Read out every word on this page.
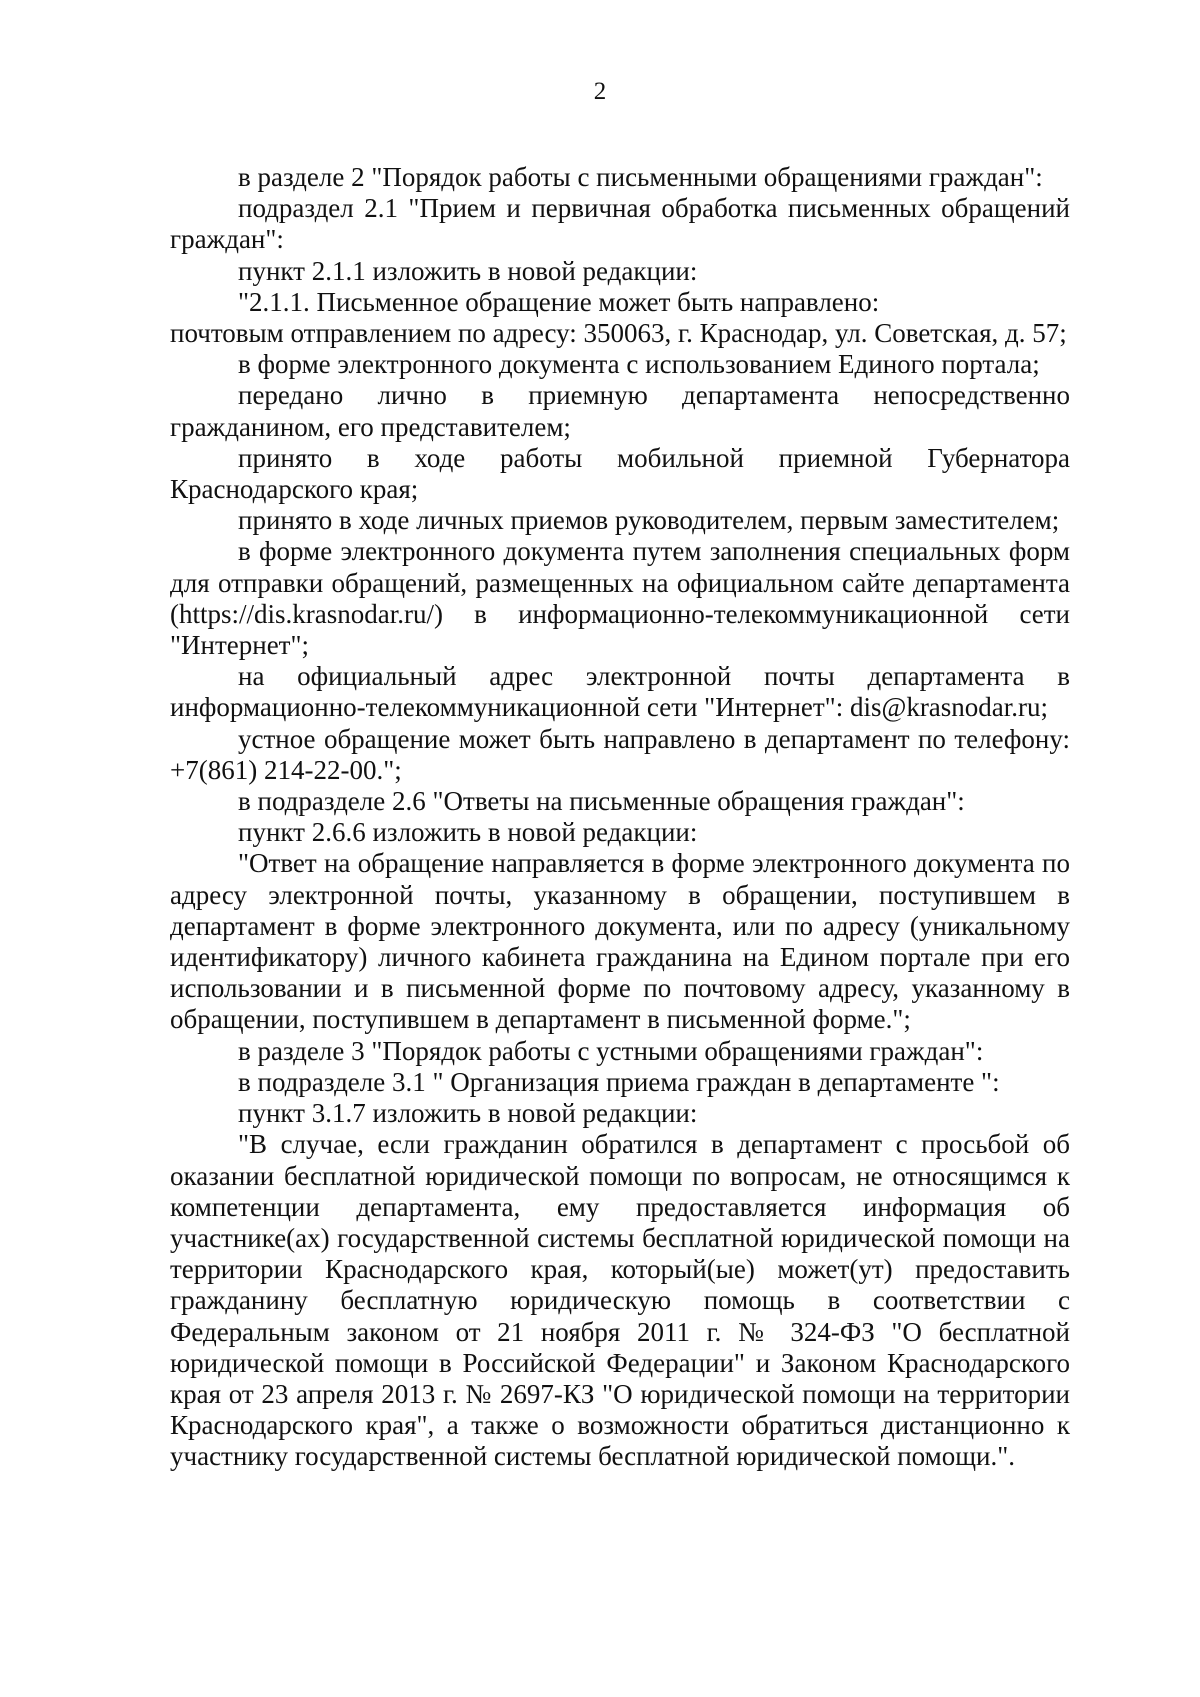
2

в разделе 2 "Порядок работы с письменными обращениями граждан":

подраздел 2.1 "Прием и первичная обработка письменных обращений граждан":

пункт 2.1.1 изложить в новой редакции:

"2.1.1. Письменное обращение может быть направлено:

почтовым отправлением по адресу: 350063, г. Краснодар, ул. Советская, д. 57;

в форме электронного документа с использованием Единого портала;

передано лично в приемную департамента непосредственно гражданином, его представителем;

принято в ходе работы мобильной приемной Губернатора Краснодарского края;

принято в ходе личных приемов руководителем, первым заместителем;

в форме электронного документа путем заполнения специальных форм для отправки обращений, размещенных на официальном сайте департамента (https://dis.krasnodar.ru/) в информационно-телекоммуникационной сети "Интернет";

на официальный адрес электронной почты департамента в информационно-телекоммуникационной сети "Интернет": dis@krasnodar.ru;

устное обращение может быть направлено в департамент по телефону: +7(861) 214-22-00.";

в подразделе 2.6 "Ответы на письменные обращения граждан":

пункт 2.6.6 изложить в новой редакции:

"Ответ на обращение направляется в форме электронного документа по адресу электронной почты, указанному в обращении, поступившем в департамент в форме электронного документа, или по адресу (уникальному идентификатору) личного кабинета гражданина на Едином портале при его использовании и в письменной форме по почтовому адресу, указанному в обращении, поступившем в департамент в письменной форме.";

в разделе 3 "Порядок работы с устными обращениями граждан":

в подразделе 3.1 " Организация приема граждан в департаменте ":

пункт 3.1.7 изложить в новой редакции:

"В случае, если гражданин обратился в департамент с просьбой об оказании бесплатной юридической помощи по вопросам, не относящимся к компетенции департамента, ему предоставляется информация об участнике(ах) государственной системы бесплатной юридической помощи на территории Краснодарского края, который(ые) может(ут) предоставить гражданину бесплатную юридическую помощь в соответствии с Федеральным законом от 21 ноября 2011 г. № 324-ФЗ "О бесплатной юридической помощи в Российской Федерации" и Законом Краснодарского края от 23 апреля 2013 г. № 2697-КЗ "О юридической помощи на территории Краснодарского края", а также о возможности обратиться дистанционно к участнику государственной системы бесплатной юридической помощи.".
